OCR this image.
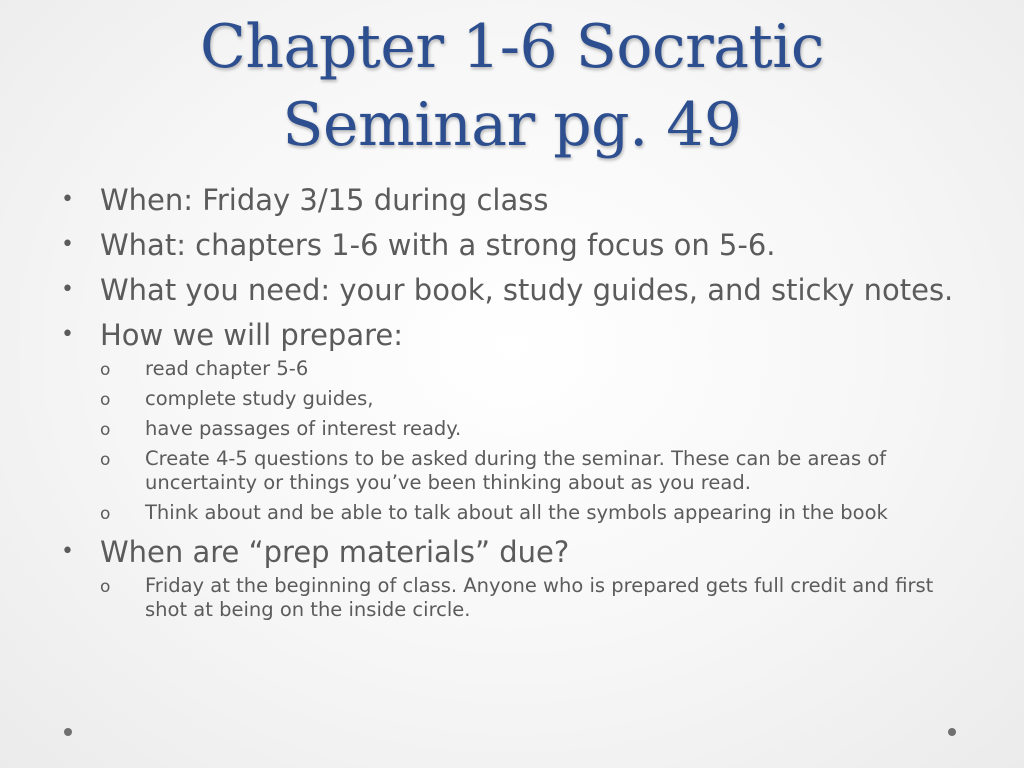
Chapter 1-6 Socratic
Seminar pg. 49
• When: Friday 3/15 during class
• What: chapters 1-6 with a strong focus on 5-6.
• What you need: your book, study guides, and sticky notes.
• How we will prepare:
o read chapter 5-6
o complete study guides,
o have passages of interest ready.
o Create 4-5 questions to be asked during the seminar. These can be areas of uncertainty or things you’ve been thinking about as you read.
o Think about and be able to talk about all the symbols appearing in the book
• When are “prep materials” due?
o Friday at the beginning of class. Anyone who is prepared gets full credit and first shot at being on the inside circle.
